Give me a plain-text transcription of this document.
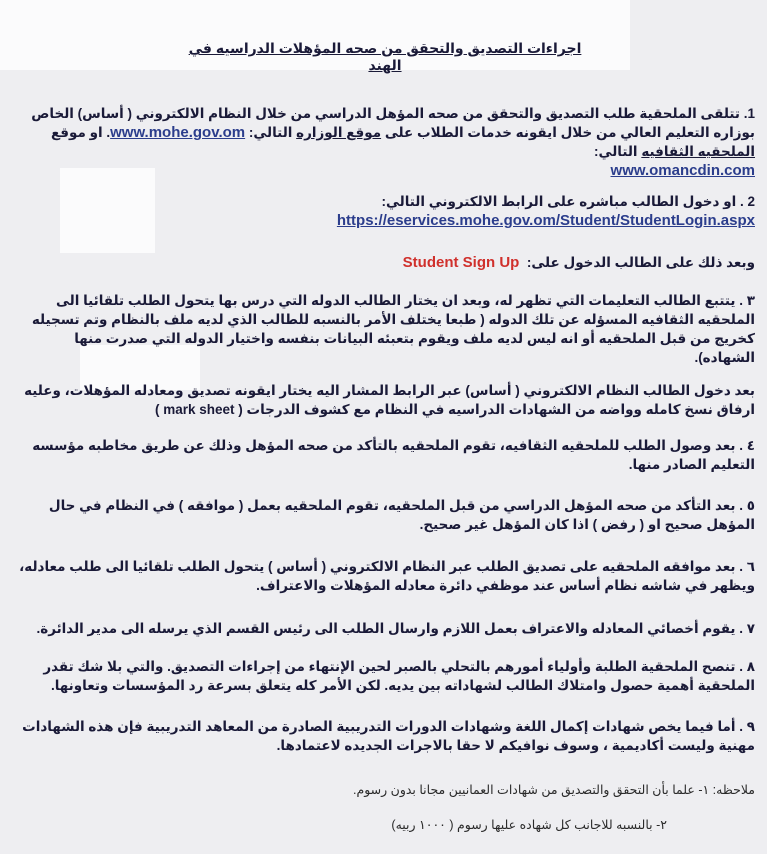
اجراءات التصديق والتحقق من صحه المؤهلات الدراسيه في الهند
1. تتلقى الملحقية طلب التصديق والتحقق من صحه المؤهل الدراسي من خلال النظام الالكتروني ( أساس) الخاص بوزاره التعليم العالي من خلال ايقونه خدمات الطلاب على موقع الوزاره التالي: www.mohe.gov.om. او موقع الملحقيه الثقافيه التالي:
www.omancdin.com
2 . او دخول الطالب مباشره على الرابط الالكتروني التالي:
https://eservices.mohe.gov.om/Student/StudentLogin.aspx
وبعد ذلك على الطالب الدخول على:  Student Sign Up
٣ . يتتبع الطالب التعليمات التي تظهر له، وبعد ان يختار الطالب الدوله التي درس بها يتحول الطلب تلقائيا الى الملحقيه الثقافيه المسؤله عن تلك الدوله ( طبعا يختلف الأمر بالنسبه للطالب الذي لديه ملف بالنظام وتم تسجيله كخريج من قبل الملحقيه أو انه ليس لديه ملف ويقوم بتعبئه البيانات بنفسه واختيار الدوله التي صدرت منها الشهاده).
بعد دخول الطالب النظام الالكتروني ( أساس) عبر الرابط المشار اليه يختار ايقونه تصديق ومعادله المؤهلات، وعليه ارفاق نسخ كامله وواضه من الشهادات الدراسيه في النظام مع كشوف الدرجات ( mark sheet )
٤ . بعد وصول الطلب للملحقيه الثقافيه، تقوم الملحقيه بالتأكد من صحه المؤهل وذلك عن طريق مخاطبه مؤسسه التعليم الصادر منها.
٥ . بعد التأكد من صحه المؤهل الدراسي من قبل الملحقيه، تقوم الملحقيه بعمل ( موافقه ) في النظام في حال المؤهل صحيح او ( رفض ) اذا كان المؤهل غير صحيح.
٦ . بعد موافقه الملحقيه على تصديق الطلب عبر النظام الالكتروني ( أساس ) يتحول الطلب تلقائيا الى طلب معادله، ويظهر في شاشه نظام أساس عند موظفي دائرة معادله المؤهلات والاعتراف.
٧ . يقوم أخصائي المعادله والاعتراف بعمل اللازم وارسال الطلب الى رئيس القسم الذي يرسله الى مدير الدائرة.
٨ . تنصح الملحقية الطلبة وأولياء أمورهم بالتحلي بالصبر لحين الإنتهاء من إجراءات التصديق. والتي بلا شك تقدر الملحقية أهمية حصول وامتلاك الطالب لشهاداته بين يديه. لكن الأمر كله يتعلق بسرعة رد المؤسسات وتعاونها.
٩ . أما فيما يخص شهادات إكمال اللغة وشهادات الدورات التدريبية الصادرة من المعاهد التدريبية فإن هذه الشهادات مهنية وليست أكاديمية ، وسوف نوافيكم لا حقا بالاجرات الجديده لاعتمادها.
ملاحظه: ١- علما بأن التحقق والتصديق من شهادات العمانيين مجانا بدون رسوم.
٢- بالنسبه للاجانب كل شهاده عليها رسوم ( ١٠٠٠ ربيه)
